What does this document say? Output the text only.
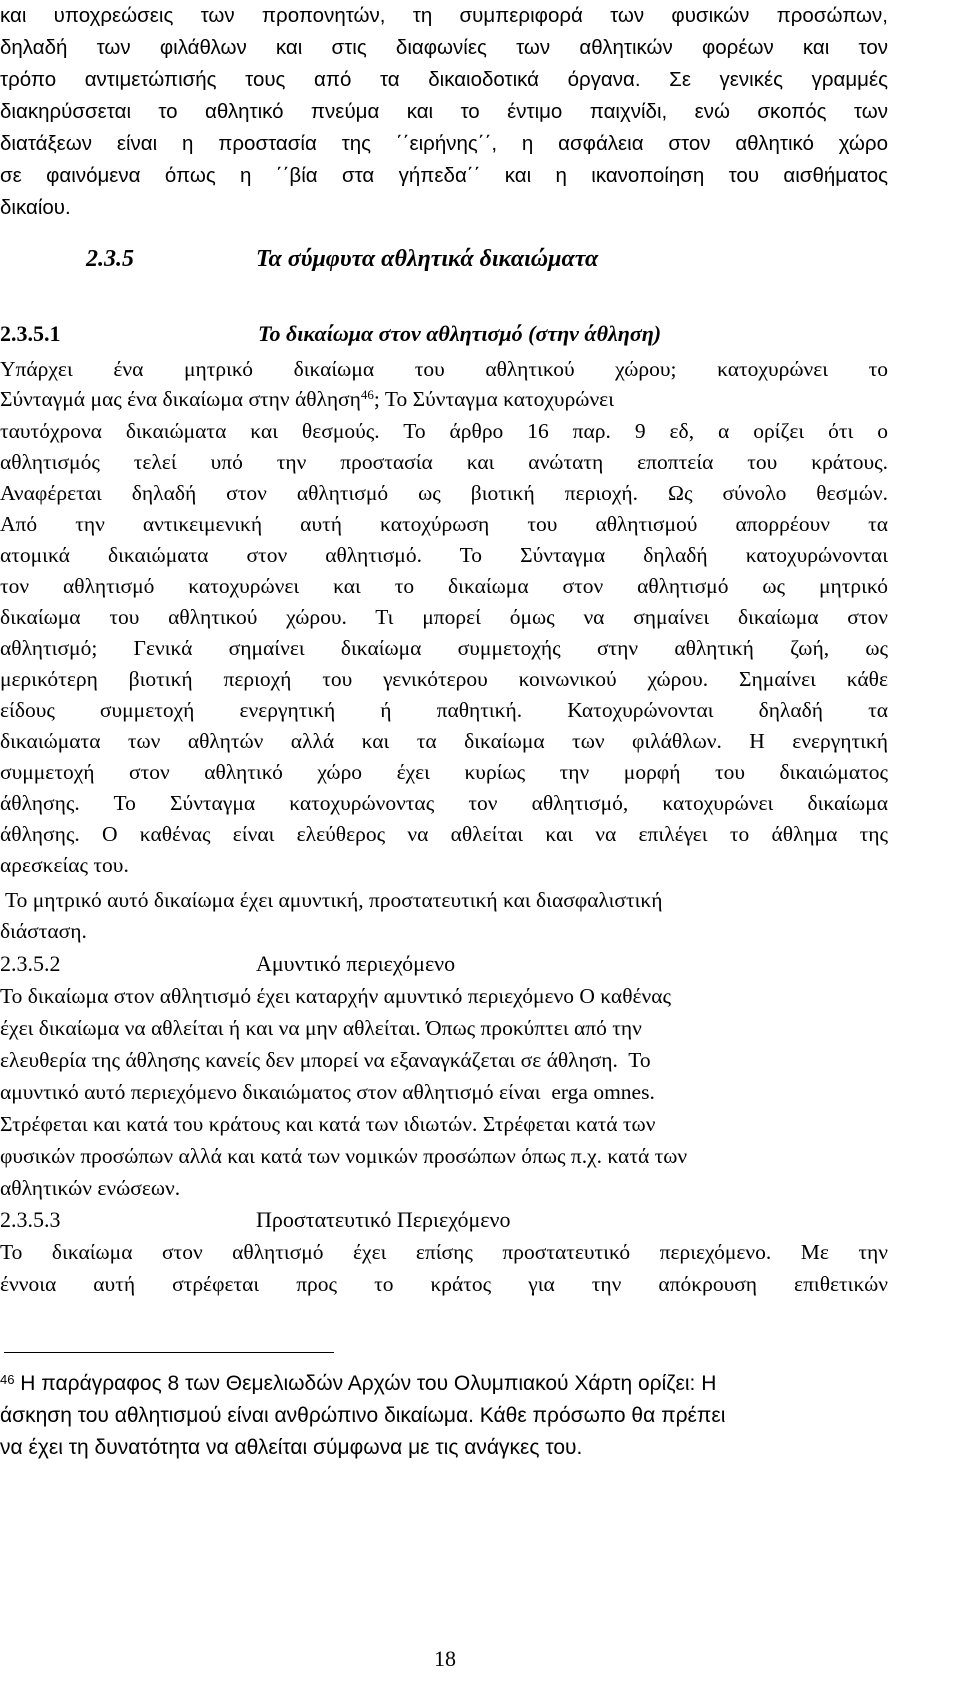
και υποχρεώσεις των προπονητών, τη συμπεριφορά των φυσικών προσώπων,
δηλαδή των φιλάθλων και στις διαφωνίες των αθλητικών φορέων και τον
τρόπο αντιμετώπισής τους από τα δικαιοδοτικά όργανα. Σε γενικές γραμμές
διακηρύσσεται το αθλητικό πνεύμα και το έντιμο παιχνίδι, ενώ σκοπός των
διατάξεων είναι η προστασία της ΄΄ειρήνης΄΄, η ασφάλεια στον αθλητικό χώρο
σε φαινόμενα όπως η ΄΄βία στα γήπεδα΄΄ και η ικανοποίηση του αισθήματος
δικαίου.
2.3.5	Τα σύμφυτα αθλητικά δικαιώματα
2.3.5.1	Το δικαίωμα στον αθλητισμό (στην άθληση)
Υπάρχει ένα μητρικό δικαίωμα του αθλητικού χώρου; κατοχυρώνει το
Σύνταγμά μας ένα δικαίωμα στην άθληση$^{46}$; Το Σύνταγμα κατοχυρώνει
ταυτόχρονα δικαιώματα και θεσμούς. Το άρθρο 16 παρ. 9 εδ, α ορίζει ότι ο
αθλητισμός τελεί υπό την προστασία και ανώτατη εποπτεία του κράτους.
Αναφέρεται δηλαδή στον αθλητισμό ως βιοτική περιοχή. Ως σύνολο θεσμών.
Από την αντικειμενική αυτή κατοχύρωση του αθλητισμού απορρέουν τα
ατομικά δικαιώματα στον αθλητισμό. Το Σύνταγμα δηλαδή κατοχυρώνονται
τον αθλητισμό κατοχυρώνει και το δικαίωμα στον αθλητισμό ως μητρικό
δικαίωμα του αθλητικού χώρου. Τι μπορεί όμως να σημαίνει δικαίωμα στον
αθλητισμό; Γενικά σημαίνει δικαίωμα συμμετοχής στην αθλητική ζωή, ως
μερικότερη βιοτική περιοχή του γενικότερου κοινωνικού χώρου. Σημαίνει κάθε
είδους συμμετοχή ενεργητική ή παθητική. Κατοχυρώνονται δηλαδή τα
δικαιώματα των αθλητών αλλά και τα δικαίωμα των φιλάθλων. Η ενεργητική
συμμετοχή στον αθλητικό χώρο έχει κυρίως την μορφή του δικαιώματος
άθλησης. Το Σύνταγμα κατοχυρώνοντας τον αθλητισμό, κατοχυρώνει δικαίωμα
άθλησης. Ο καθένας είναι ελεύθερος να αθλείται και να επιλέγει το άθλημα της
αρεσκείας του.
Το μητρικό αυτό δικαίωμα έχει αμυντική, προστατευτική και διασφαλιστική
διάσταση.
2.3.5.2	Αμυντικό περιεχόμενο
Το δικαίωμα στον αθλητισμό έχει καταρχήν αμυντικό περιεχόμενο Ο καθένας
έχει δικαίωμα να αθλείται ή και να μην αθλείται. Όπως προκύπτει από την
ελευθερία της άθλησης κανείς δεν μπορεί να εξαναγκάζεται σε άθληση.  Το
αμυντικό αυτό περιεχόμενο δικαιώματος στον αθλητισμό είναι  erga omnes.
Στρέφεται και κατά του κράτους και κατά των ιδιωτών. Στρέφεται κατά των
φυσικών προσώπων αλλά και κατά των νομικών προσώπων όπως π.χ. κατά των
αθλητικών ενώσεων.
2.3.5.3	Προστατευτικό Περιεχόμενο
Το δικαίωμα στον αθλητισμό έχει επίσης προστατευτικό περιεχόμενο. Με την
έννοια αυτή στρέφεται προς το κράτος για την απόκρουση επιθετικών
$^{46}$ Η παράγραφος 8 των Θεμελιωδών Αρχών του Ολυμπιακού Χάρτη ορίζει: Η
άσκηση του αθλητισμού είναι ανθρώπινο δικαίωμα. Κάθε πρόσωπο θα πρέπει
να έχει τη δυνατότητα να αθλείται σύμφωνα με τις ανάγκες του.
18
